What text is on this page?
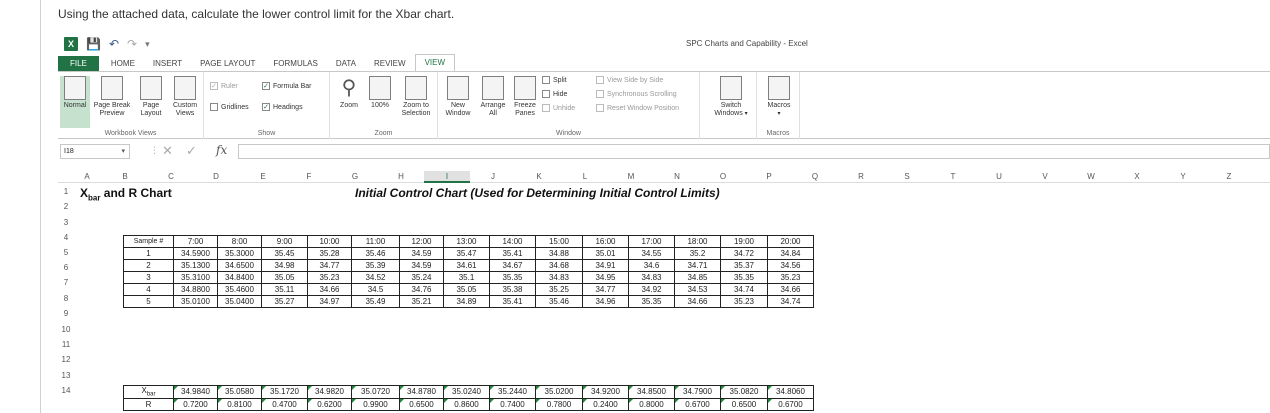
Using the attached data, calculate the lower control limit for the Xbar chart.
X	💾 ↶ ↷ ▾	SPC Charts and Capability - Excel
FILE	HOME	INSERT	PAGE LAYOUT	FORMULAS	DATA	REVIEW	VIEW
Normal	Page Break Preview
Page Layout
Custom Views
Workbook Views
✓ Ruler	✓ Formula Bar
Gridlines ✓ Headings
Show
⚲
Zoom	100%	Zoom to Selection
Zoom
New Window
Arrange All
Freeze Panes
Split
Hide
Unhide
View Side by Side
Synchronous Scrolling
Reset Window Position
Window
Switch Windows ▾
Macros
▾
Macros
I18	▾	⋮ ✕ ✓ fx
A	B	C	D	E	F	G	H	I	J	K	L	M	N	O	P	Q	R	S	T	U	V	W	X	Y	Z
1
2
3
4
5
6
7
8
9
10
11
12
13
14
$X_{bar}$ and R Chart	Initial Control Chart (Used for Determining Initial Control Limits)
Sample #	7:00	8:00	9:00	10:00	11:00	12:00	13:00	14:00	15:00	16:00	17:00	18:00	19:00	20:00
1	34.5900	35.3000	35.45	35.28	35.46	34.59	35.47	35.41	34.88	35.01	34.55	35.2	34.72	34.84
2	35.1300	34.6500	34.98	34.77	35.39	34.59	34.61	34.67	34.68	34.91	34.6	34.71	35.37	34.56
3	35.3100	34.8400	35.05	35.23	34.52	35.24	35.1	35.35	34.83	34.95	34.83	34.85	35.35	35.23
4	34.8800	35.4600	35.11	34.66	34.5	34.76	35.05	35.38	35.25	34.77	34.92	34.53	34.74	34.66
5	35.0100	35.0400	35.27	34.97	35.49	35.21	34.89	35.41	35.46	34.96	35.35	34.66	35.23	34.74
$X_{bar}$	34.9840	35.0580	35.1720	34.9820	35.0720	34.8780	35.0240	35.2440	35.0200	34.9200	34.8500	34.7900	35.0820	34.8060
R	0.7200	0.8100	0.4700	0.6200	0.9900	0.6500	0.8600	0.7400	0.7800	0.2400	0.8000	0.6700	0.6500	0.6700
